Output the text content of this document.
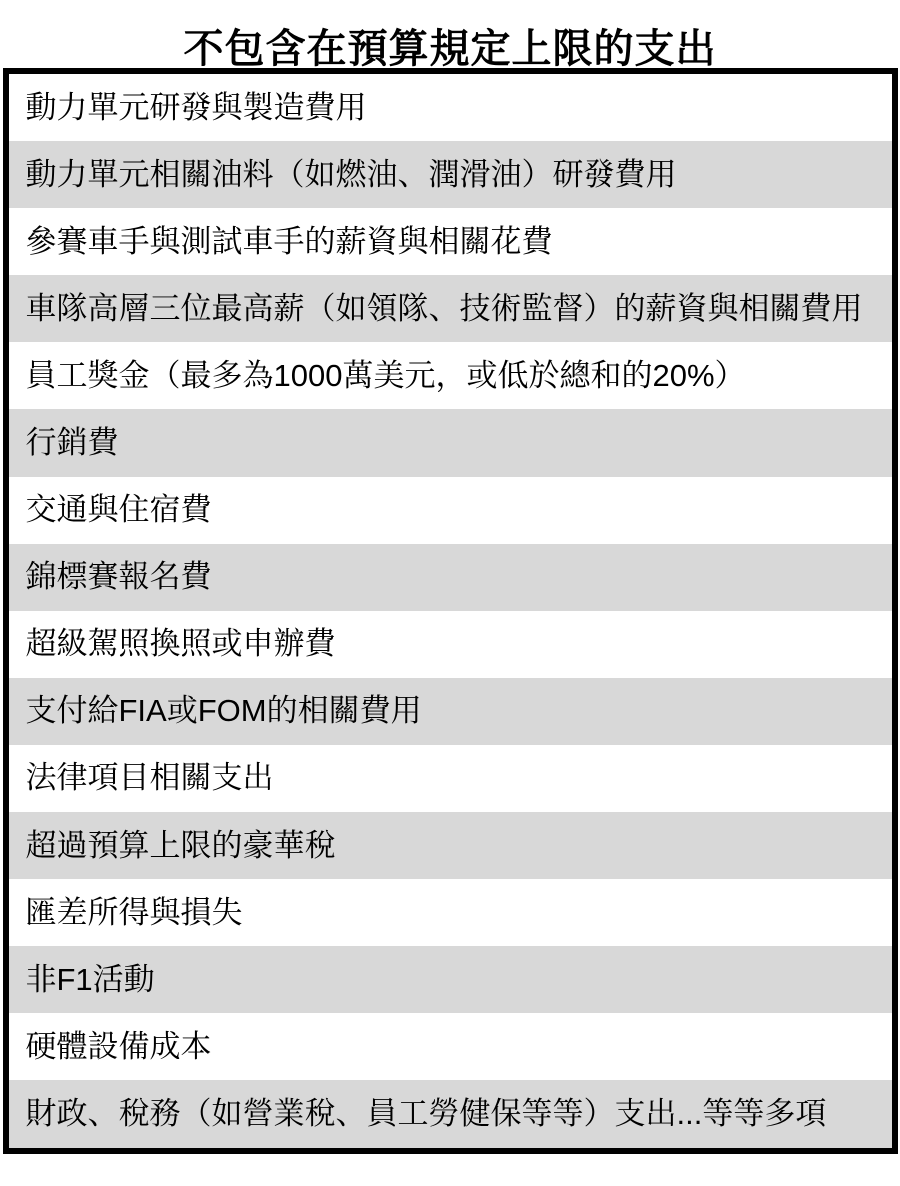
不包含在預算規定上限的支出
動力單元研發與製造費用
動力單元相關油料（如燃油、潤滑油）研發費用
參賽車手與測試車手的薪資與相關花費
車隊高層三位最高薪（如領隊、技術監督）的薪資與相關費用
員工獎金（最多為1000萬美元，或低於總和的20%）
行銷費
交通與住宿費
錦標賽報名費
超級駕照換照或申辦費
支付給FIA或FOM的相關費用
法律項目相關支出
超過預算上限的豪華稅
匯差所得與損失
非F1活動
硬體設備成本
財政、稅務（如營業稅、員工勞健保等等）支出...等等多項
